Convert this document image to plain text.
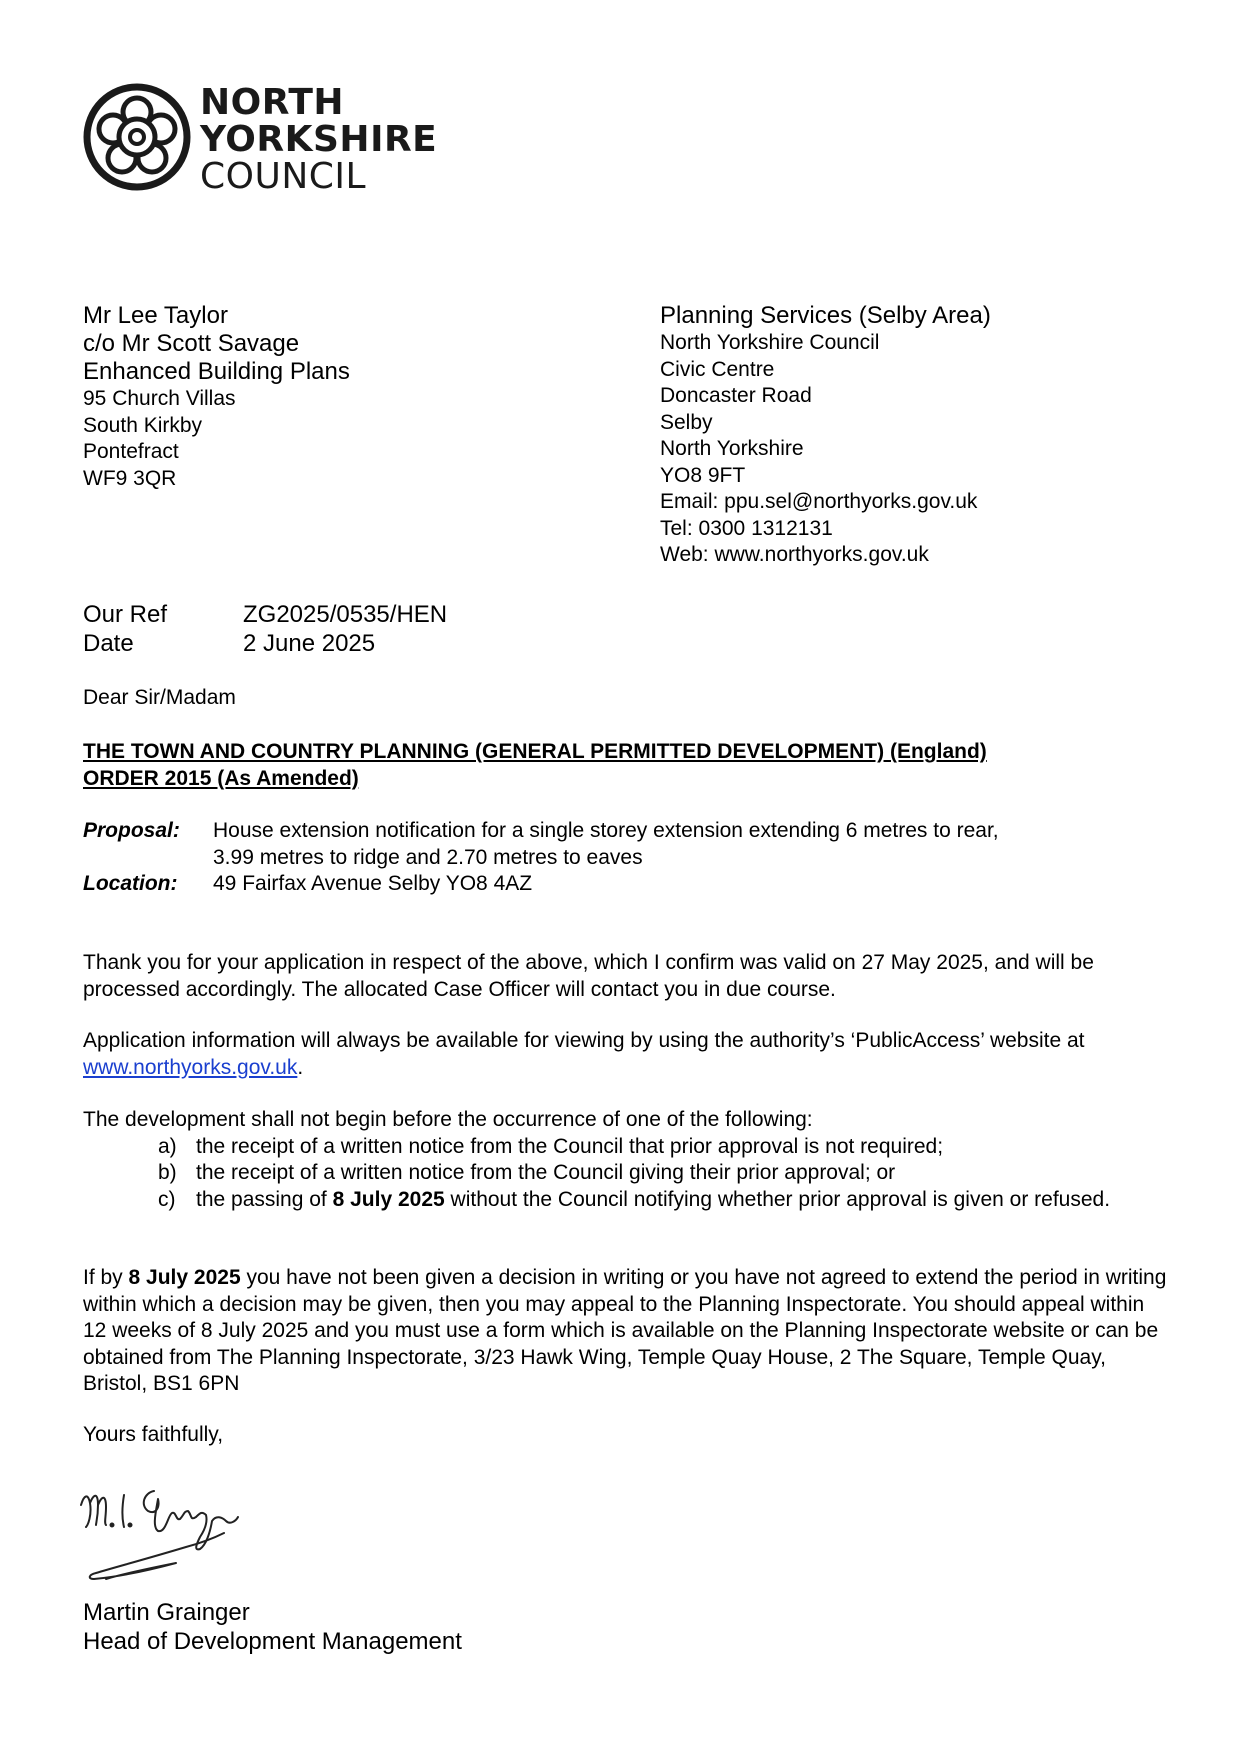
NORTH
YORKSHIRE
COUNCIL
Mr Lee Taylor
c/o Mr Scott Savage
Enhanced Building Plans
95 Church Villas
South Kirkby
Pontefract
WF9 3QR
Planning Services (Selby Area)
North Yorkshire Council
Civic Centre
Doncaster Road
Selby
North Yorkshire
YO8 9FT
Email: ppu.sel@northyorks.gov.uk
Tel: 0300 1312131
Web: www.northyorks.gov.uk
Our Ref	ZG2025/0535/HEN
Date	2 June 2025
Dear Sir/Madam
THE TOWN AND COUNTRY PLANNING (GENERAL PERMITTED DEVELOPMENT) (England)
ORDER 2015 (As Amended)
Proposal:	House extension notification for a single storey extension extending 6 metres to rear,
3.99 metres to ridge and 2.70 metres to eaves
Location:	49 Fairfax Avenue Selby YO8 4AZ
Thank you for your application in respect of the above, which I confirm was valid on 27 May 2025, and will be processed accordingly. The allocated Case Officer will contact you in due course.
Application information will always be available for viewing by using the authority’s ‘PublicAccess’ website at www.northyorks.gov.uk.
The development shall not begin before the occurrence of one of the following:
a) the receipt of a written notice from the Council that prior approval is not required;
b) the receipt of a written notice from the Council giving their prior approval; or
c) the passing of 8 July 2025 without the Council notifying whether prior approval is given or refused.
If by 8 July 2025 you have not been given a decision in writing or you have not agreed to extend the period in writing within which a decision may be given, then you may appeal to the Planning Inspectorate. You should appeal within 12 weeks of 8 July 2025 and you must use a form which is available on the Planning Inspectorate website or can be obtained from The Planning Inspectorate, 3/23 Hawk Wing, Temple Quay House, 2 The Square, Temple Quay, Bristol, BS1 6PN
Yours faithfully,
Martin Grainger
Head of Development Management
